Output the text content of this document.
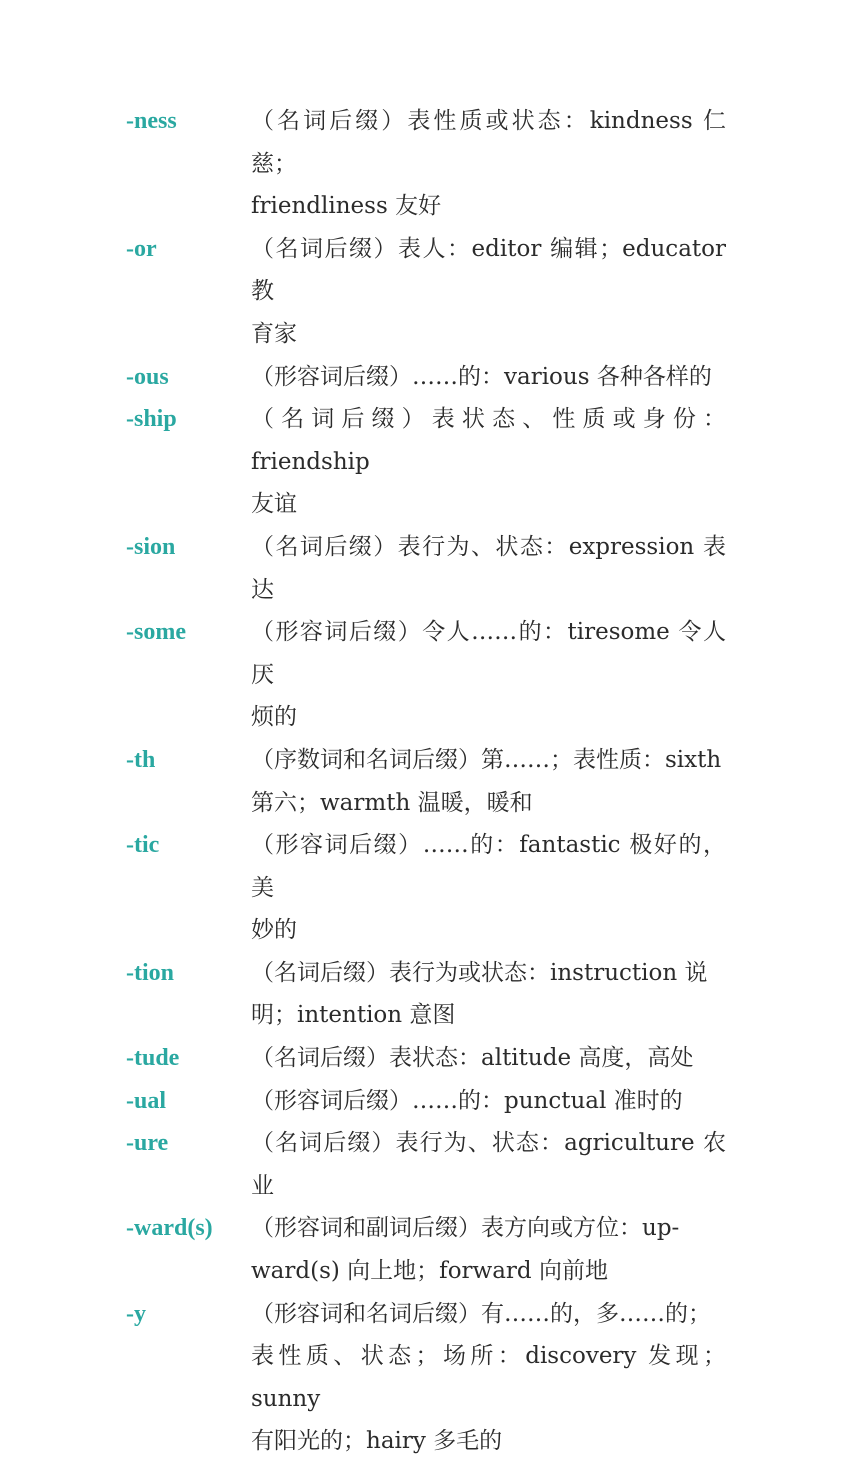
-ness	（名词后缀）表性质或状态：kindness 仁慈；
friendliness 友好
-or	（名词后缀）表人：editor 编辑；educator 教
育家
-ous	（形容词后缀）……的：various 各种各样的
-ship	（名词后缀）表状态、性质或身份：friendship
友谊
-sion	（名词后缀）表行为、状态：expression 表达
-some	（形容词后缀）令人……的：tiresome 令人厌
烦的
-th	（序数词和名词后缀）第……；表性质：sixth
第六；warmth 温暖，暖和
-tic	（形容词后缀）……的：fantastic 极好的，美
妙的
-tion	（名词后缀）表行为或状态：instruction 说
明；intention 意图
-tude	（名词后缀）表状态：altitude 高度，高处
-ual	（形容词后缀）……的：punctual 准时的
-ure	（名词后缀）表行为、状态：agriculture 农业
-ward(s)	（形容词和副词后缀）表方向或方位：up-
ward(s) 向上地；forward 向前地
-y	（形容词和名词后缀）有……的，多……的；
表性质、状态；场所：discovery 发现；sunny
有阳光的；hairy 多毛的
